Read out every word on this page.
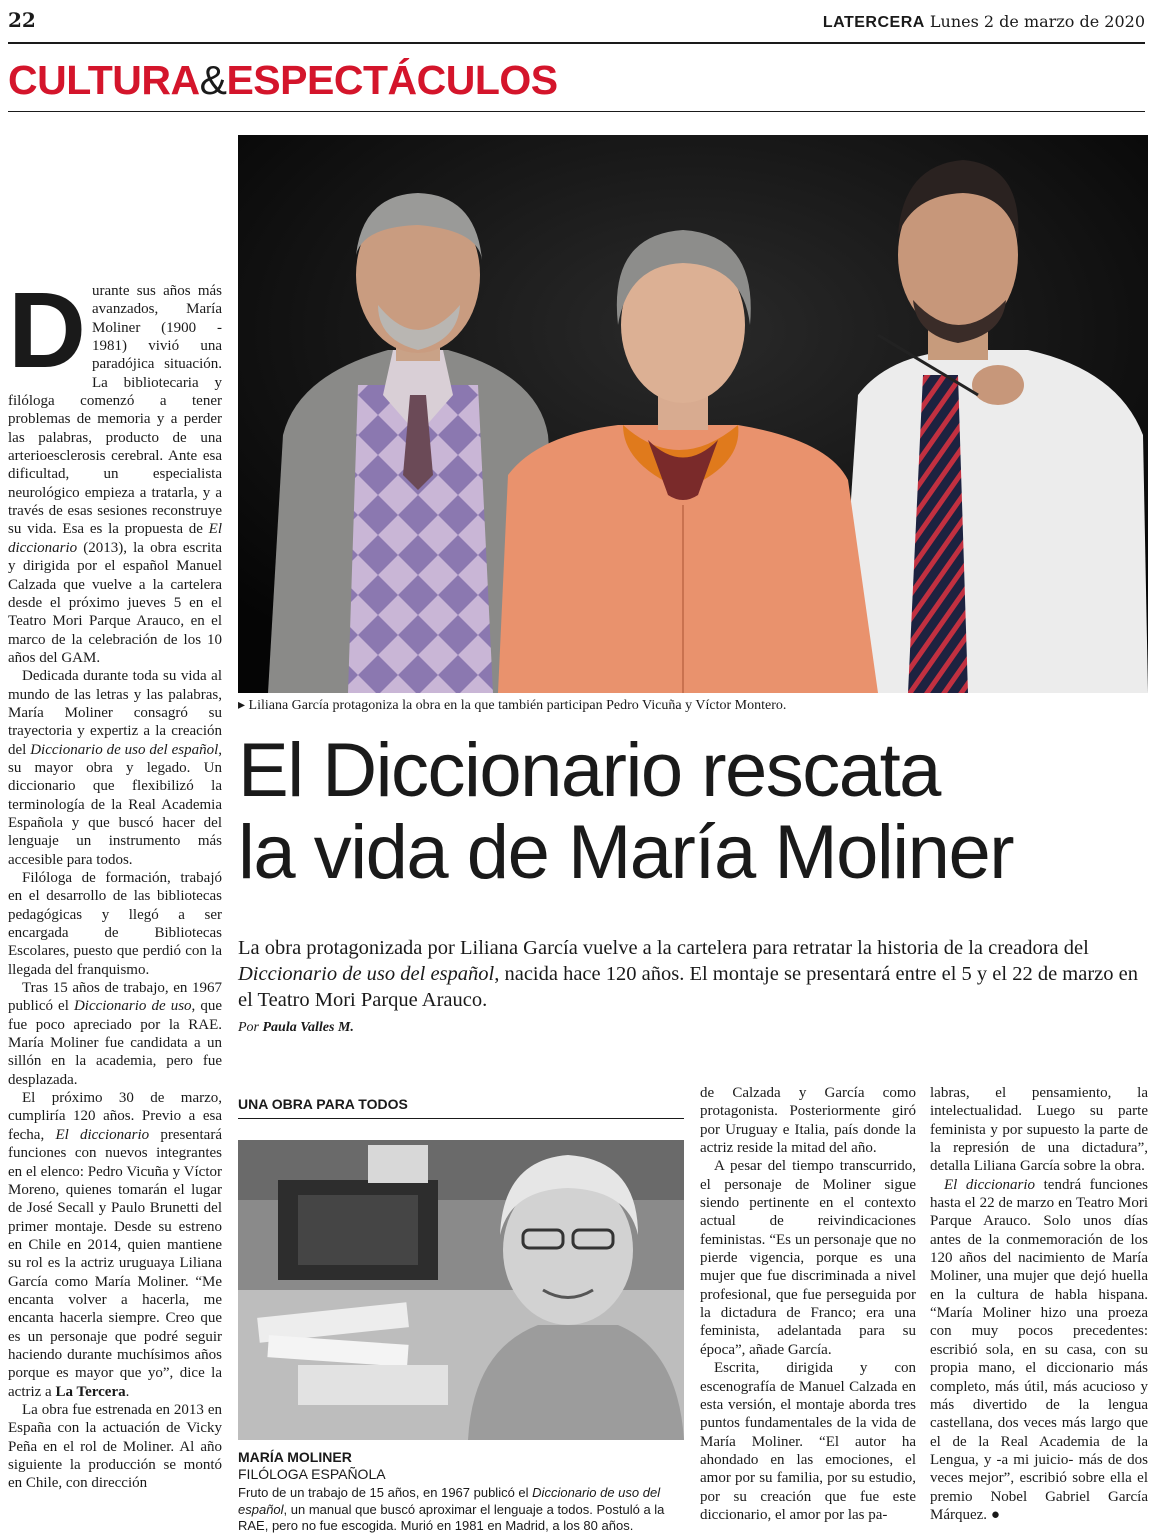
22	LATERCERA Lunes 2 de marzo de 2020
CULTURA&ESPECTÁCULOS
▸ Liliana García protagoniza la obra en la que también participan Pedro Vicuña y Víctor Montero.
El Diccionario rescata
la vida de María Moliner
La obra protagonizada por Liliana García vuelve a la cartelera para retratar la historia de la creadora del Diccionario de uso del español, nacida hace 120 años. El montaje se presentará entre el 5 y el 22 de marzo en el Teatro Mori Parque Arauco.
Por Paula Valles M.

Durante sus años más avanzados, María Moliner (1900 - 1981) vivió una paradójica situación. La bibliotecaria y filóloga comenzó a tener problemas de memoria y a perder las palabras, producto de una arterioesclerosis cerebral. Ante esa dificultad, un especialista neurológico empieza a tratarla, y a través de esas sesiones reconstruye su vida. Esa es la propuesta de El diccionario (2013), la obra escrita y dirigida por el español Manuel Calzada que vuelve a la cartelera desde el próximo jueves 5 en el Teatro Mori Parque Arauco, en el marco de la celebración de los 10 años del GAM.

Dedicada durante toda su vida al mundo de las letras y las palabras, María Moliner consagró su trayectoria y expertiz a la creación del Diccionario de uso del español, su mayor obra y legado. Un diccionario que flexibilizó la terminología de la Real Academia Española y que buscó hacer del lenguaje un instrumento más accesible para todos.

Filóloga de formación, trabajó en el desarrollo de las bibliotecas pedagógicas y llegó a ser encargada de Bibliotecas Escolares, puesto que perdió con la llegada del franquismo.

Tras 15 años de trabajo, en 1967 publicó el Diccionario de uso, que fue poco apreciado por la RAE. María Moliner fue candidata a un sillón en la academia, pero fue desplazada.

El próximo 30 de marzo, cumpliría 120 años. Previo a esa fecha, El diccionario presentará funciones con nuevos integrantes en el elenco: Pedro Vicuña y Víctor Moreno, quienes tomarán el lugar de José Secall y Paulo Brunetti del primer montaje. Desde su estreno en Chile en 2014, quien mantiene su rol es la actriz uruguaya Liliana García como María Moliner. “Me encanta volver a hacerla, me encanta hacerla siempre. Creo que es un personaje que podré seguir haciendo durante muchísimos años porque es mayor que yo”, dice la actriz a La Tercera.

La obra fue estrenada en 2013 en España con la actuación de Vicky Peña en el rol de Moliner. Al año siguiente la producción se montó en Chile, con dirección

UNA OBRA PARA TODOS
MARÍA MOLINER
FILÓLOGA ESPAÑOLA
Fruto de un trabajo de 15 años, en 1967 publicó el Diccionario de uso del español, un manual que buscó aproximar el lenguaje a todos. Postuló a la RAE, pero no fue escogida. Murió en 1981 en Madrid, a los 80 años.

de Calzada y García como protagonista. Posteriormente giró por Uruguay e Italia, país donde la actriz reside la mitad del año.

A pesar del tiempo transcurrido, el personaje de Moliner sigue siendo pertinente en el contexto actual de reivindicaciones feministas. “Es un personaje que no pierde vigencia, porque es una mujer que fue discriminada a nivel profesional, que fue perseguida por la dictadura de Franco; era una feminista, adelantada para su época”, añade García.

Escrita, dirigida y con escenografía de Manuel Calzada en esta versión, el montaje aborda tres puntos fundamentales de la vida de María Moliner. “El autor ha ahondado en las emociones, el amor por su familia, por su estudio, por su creación que fue este diccionario, el amor por las pa-

labras, el pensamiento, la intelectualidad. Luego su parte feminista y por supuesto la parte de la represión de una dictadura”, detalla Liliana García sobre la obra.

El diccionario tendrá funciones hasta el 22 de marzo en Teatro Mori Parque Arauco. Solo unos días antes de la conmemoración de los 120 años del nacimiento de María Moliner, una mujer que dejó huella en la cultura de habla hispana. “María Moliner hizo una proeza con muy pocos precedentes: escribió sola, en su casa, con su propia mano, el diccionario más completo, más útil, más acucioso y más divertido de la lengua castellana, dos veces más largo que el de la Real Academia de la Lengua, y -a mi juicio- más de dos veces mejor”, escribió sobre ella el premio Nobel Gabriel García Márquez. ●
